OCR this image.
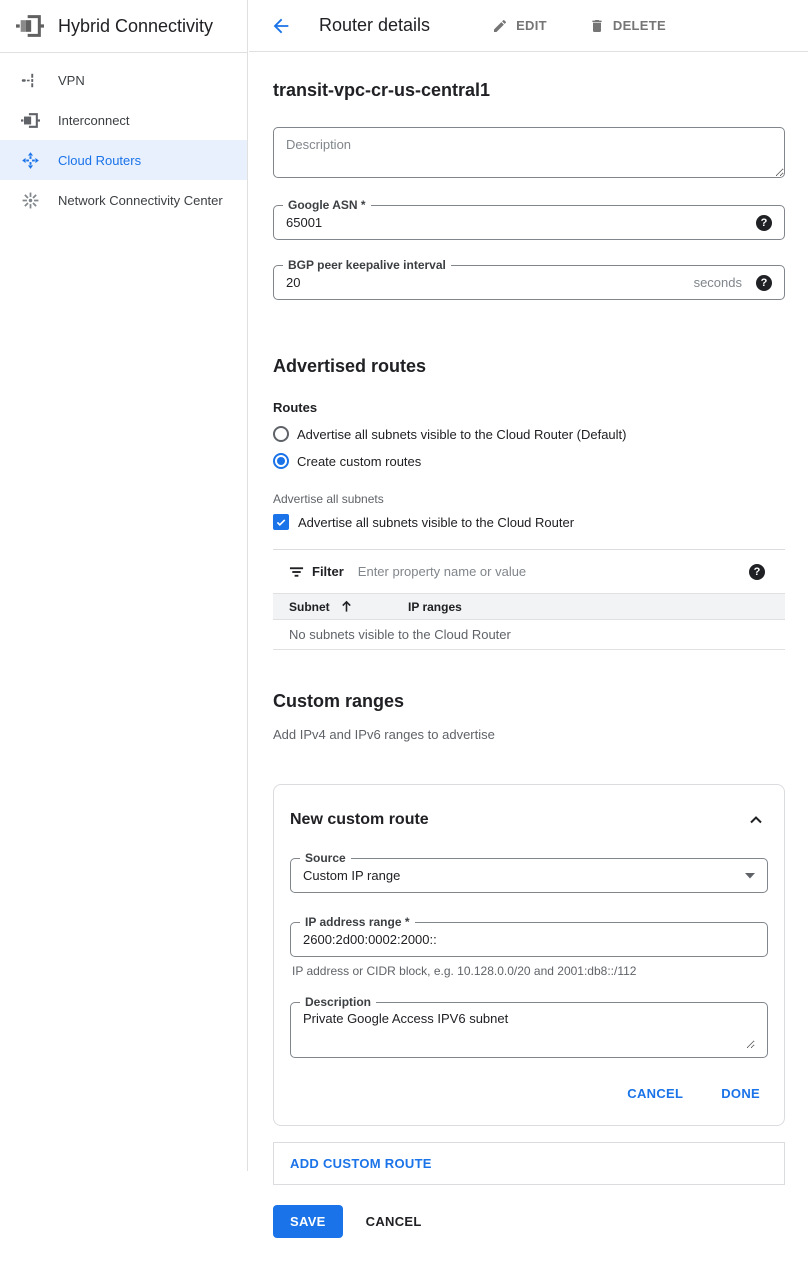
Hybrid Connectivity
VPN
Interconnect
Cloud Routers
Network Connectivity Center
Router details	EDIT	DELETE
transit-vpc-cr-us-central1
Description
Google ASN *
65001
?
BGP peer keepalive interval
20
seconds	?
Advertised routes
Routes
Advertise all subnets visible to the Cloud Router (Default)
Create custom routes
Advertise all subnets
Advertise all subnets visible to the Cloud Router
Filter
Enter property name or value	?
Subnet	IP ranges
No subnets visible to the Cloud Router
Custom ranges
Add IPv4 and IPv6 ranges to advertise
New custom route
Source
Custom IP range
IP address range *
2600:2d00:0002:2000::
IP address or CIDR block, e.g. 10.128.0.0/20 and 2001:db8::/112
Description
Private Google Access IPV6 subnet
CANCEL	DONE
ADD CUSTOM ROUTE
SAVE	CANCEL
